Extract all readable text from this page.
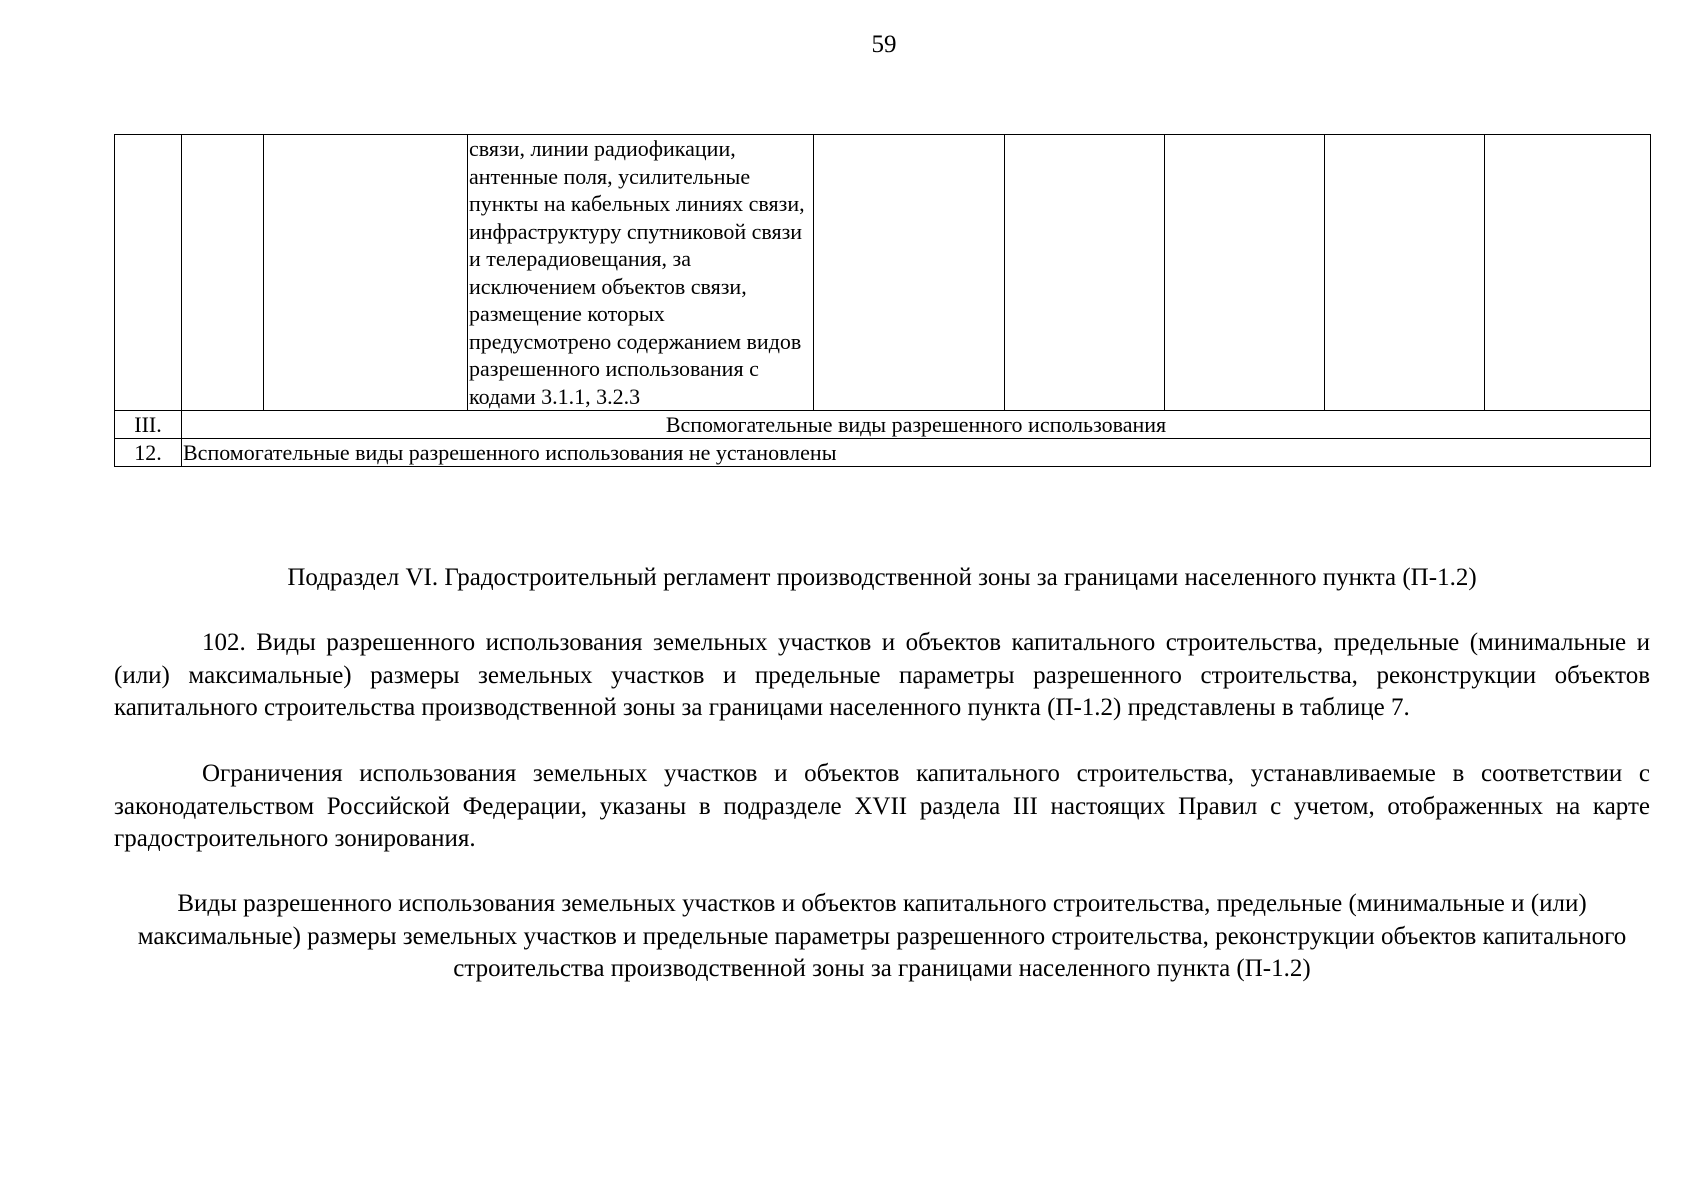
59
			связи, линии радиофикации, антенные поля, усилительные пункты на кабельных линиях связи, инфраструктуру спутниковой связи и телерадиовещания, за исключением объектов связи, размещение которых предусмотрено содержанием видов разрешенного использования с кодами 3.1.1, 3.2.3					
III.	Вспомогательные виды разрешенного использования							
12.	Вспомогательные виды разрешенного использования не установлены							
Подраздел VI. Градостроительный регламент производственной зоны за границами населенного пункта (П-1.2)

102. Виды разрешенного использования земельных участков и объектов капитального строительства, предельные (минимальные и (или) максимальные) размеры земельных участков и предельные параметры разрешенного строительства, реконструкции объектов капитального строительства производственной зоны за границами населенного пункта (П-1.2) представлены в таблице 7.

Ограничения использования земельных участков и объектов капитального строительства, устанавливаемые в соответствии с законодательством Российской Федерации, указаны в подразделе XVII раздела III настоящих Правил с учетом, отображенных на карте градостроительного зонирования.

Виды разрешенного использования земельных участков и объектов капитального строительства, предельные (минимальные и (или) максимальные) размеры земельных участков и предельные параметры разрешенного строительства, реконструкции объектов капитального строительства производственной зоны за границами населенного пункта (П-1.2)
